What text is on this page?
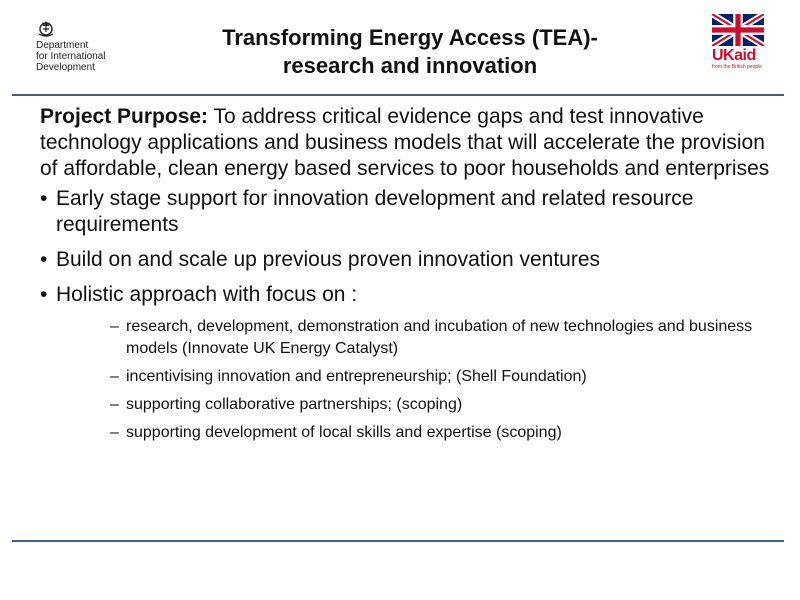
Department
for International
Development
Transforming Energy Access (TEA)-
research and innovation	UKaid
from the British people

Project Purpose: To address critical evidence gaps and test innovative technology applications and business models that will accelerate the provision of affordable, clean energy based services to poor households and enterprises

• Early stage support for innovation development and related resource requirements
• Build on and scale up previous proven innovation ventures
• Holistic approach with focus on :
– research, development, demonstration and incubation of new technologies and business models (Innovate UK Energy Catalyst)
– incentivising innovation and entrepreneurship; (Shell Foundation)
– supporting collaborative partnerships; (scoping)
– supporting development of local skills and expertise (scoping)
